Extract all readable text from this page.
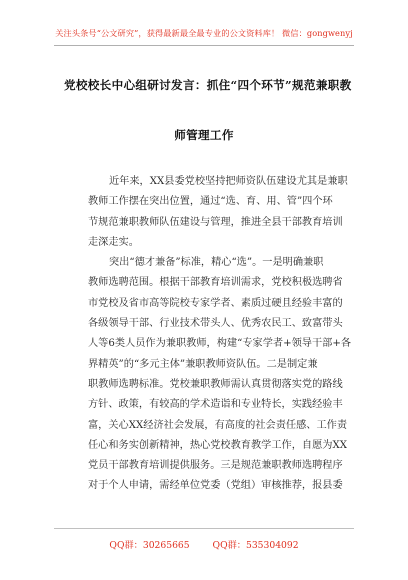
关注头条号“公文研究”，获得最新最全最专业的公文资料库！ 微信：gongwenyj
党校校长中心组研讨发言：抓住“四个环节”规范兼职教
师管理工作
近年来，XX县委党校坚持把师资队伍建设尤其是兼职
教师工作摆在突出位置，通过“选、育、用、管”四个环
节规范兼职教师队伍建设与管理，推进全县干部教育培训
走深走实。
突出“德才兼备”标准，精心“选”。一是明确兼职
教师选聘范围。根据干部教育培训需求，党校积极选聘省
市党校及省市高等院校专家学者、素质过硬且经验丰富的
各级领导干部、行业技术带头人、优秀农民工、致富带头
人等6类人员作为兼职教师，构建“专家学者+领导干部+各
界精英”的“多元主体”兼职教师资队伍。二是制定兼
职教师选聘标准。党校兼职教师需认真贯彻落实党的路线
方针、政策，有较高的学术造诣和专业特长，实践经验丰
富，关心XX经济社会发展，有高度的社会责任感、工作责
任心和务实创新精神，热心党校教育教学工作，自愿为XX
党员干部教育培训提供服务。三是规范兼职教师选聘程序
对于个人申请，需经单位党委（党组）审核推荐，报县委
QQ群：30265665 QQ群：535304092
